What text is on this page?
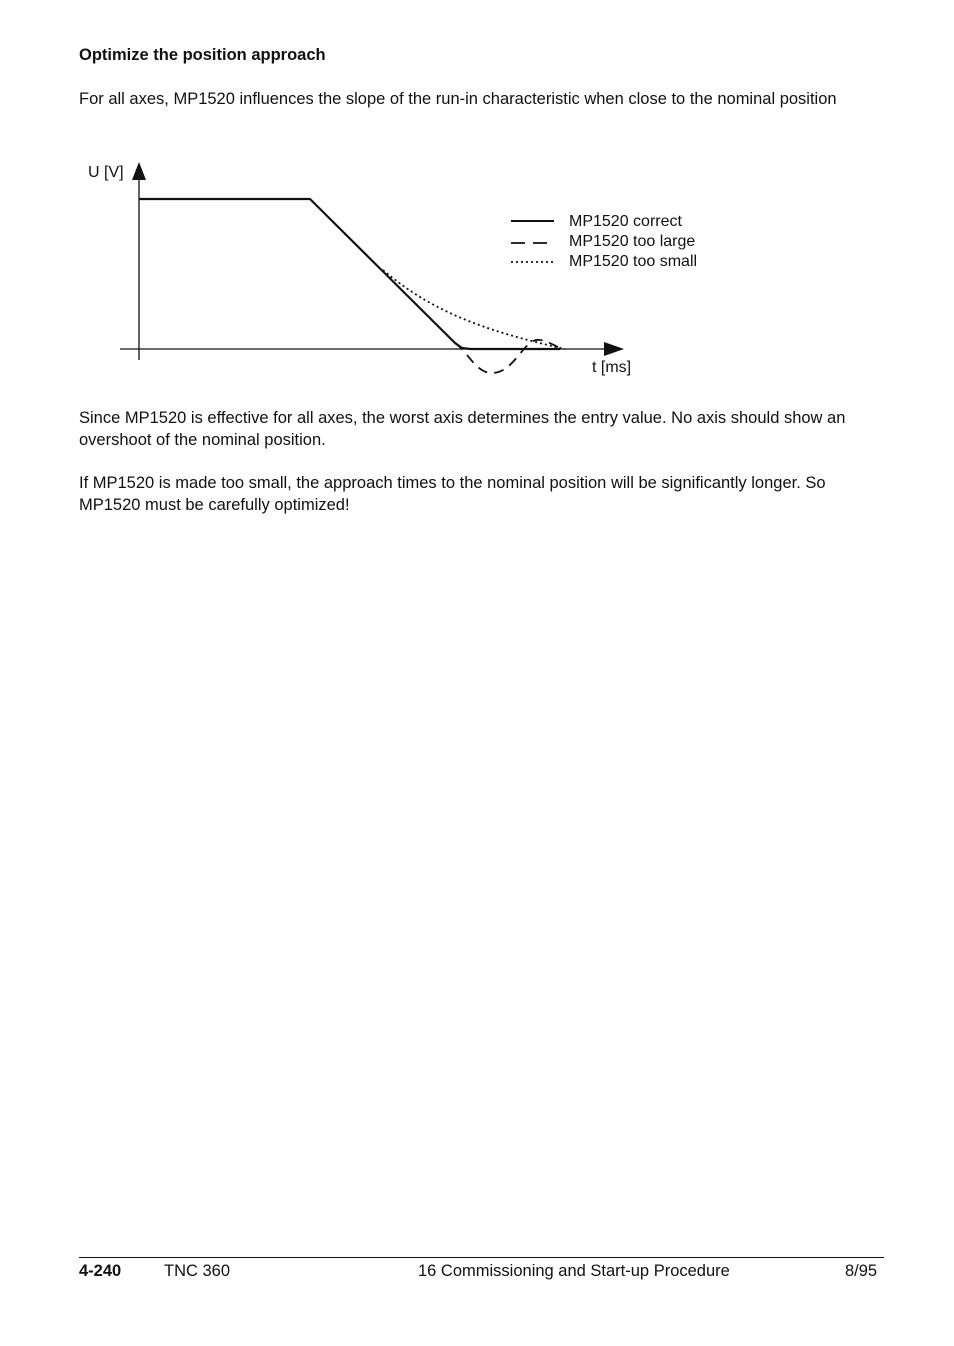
Optimize the position approach

For all axes, MP1520 influences the slope of the run-in characteristic when close to the nominal position

U [V]
t [ms]
MP1520 correct
MP1520 too large
MP1520 too small

Since MP1520 is effective for all axes, the worst axis determines the entry value. No axis should show an overshoot of the nominal position.

If MP1520 is made too small, the approach times to the nominal position will be significantly longer. So MP1520 must be carefully optimized!

4-240	TNC 360	16 Commissioning and Start-up Procedure	8/95
